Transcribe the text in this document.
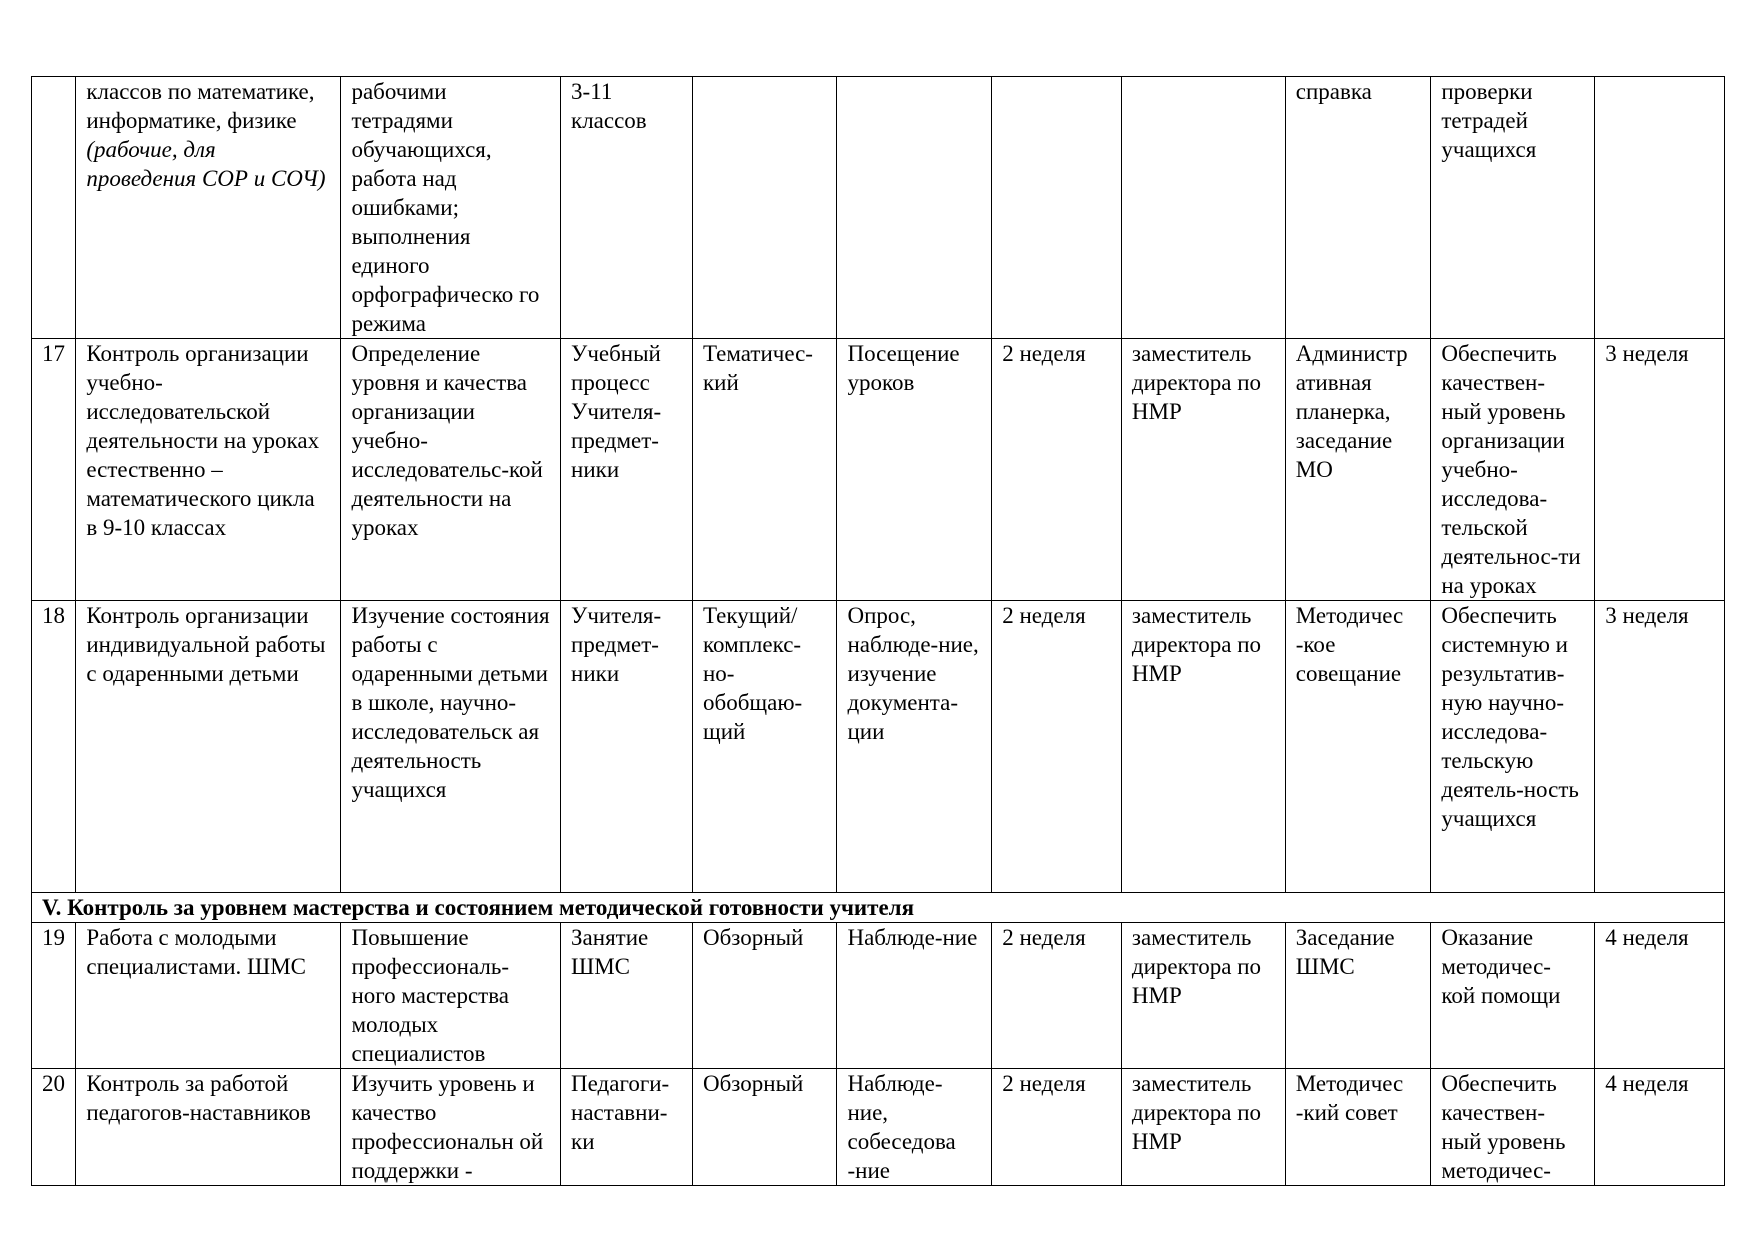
	классов по математике, информатике, физике (рабочие, для проведения СОР и СОЧ)	рабочими тетрадями обучающихся, работа над ошибками; выполнения единого орфографическо го режима	3-11 классов					справка	проверки тетрадей учащихся	
17	Контроль организации учебно-исследовательской деятельности на уроках естественно – математического цикла в 9-10 классах	Определение уровня и качества организации учебно-исследовательс-кой деятельности на уроках	Учебный процесс Учителя-предмет-ники	Тематичес-кий	Посещение уроков	2 неделя	заместитель директора по НМР	Администр ативная планерка, заседание МО	Обеспечить качествен-ный уровень организации учебно-исследова-тельской деятельнос-ти на уроках	3 неделя
18	Контроль организации индивидуальной работы с одаренными детьми	Изучение состояния работы с одаренными детьми в школе, научно-исследовательск ая деятельность учащихся	Учителя-предмет-ники	Текущий/ комплекс-но-обобщаю-щий	Опрос, наблюде-ние, изучение документа-ции	2 неделя	заместитель директора по НМР	Методичес -кое совещание	Обеспечить системную и результатив-ную научно-исследова-тельскую деятель-ность учащихся	3 неделя
V. Контроль за уровнем мастерства и состоянием методической готовности учителя										
19	Работа с молодыми специалистами. ШМС	Повышение профессиональ-ного мастерства молодых специалистов	Занятие ШМС	Обзорный	Наблюде-ние	2 неделя	заместитель директора по НМР	Заседание ШМС	Оказание методичес-кой помощи	4 неделя
20	Контроль за работой педагогов-наставников	Изучить уровень и качество профессиональн ой поддержки -	Педагоги-наставни-ки	Обзорный	Наблюде-ние, собеседова -ние	2 неделя	заместитель директора по НМР	Методичес -кий совет	Обеспечить качествен-ный уровень методичес-	4 неделя
